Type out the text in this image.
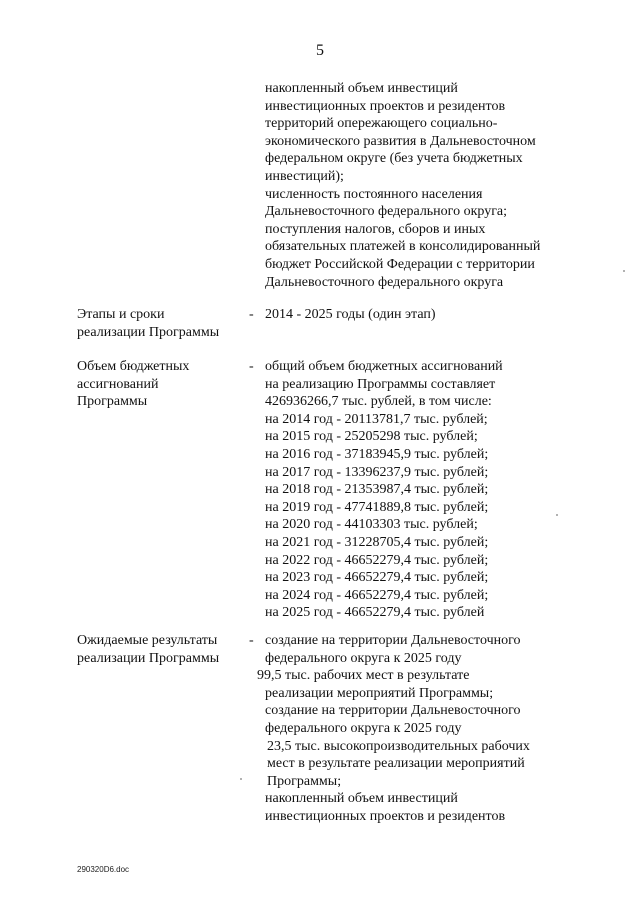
5
накопленный объем инвестиций
инвестиционных проектов и резидентов
территорий опережающего социально-
экономического развития в Дальневосточном
федеральном округе (без учета бюджетных
инвестиций);
численность постоянного населения
Дальневосточного федерального округа;
поступления налогов, сборов и иных
обязательных платежей в консолидированный
бюджет Российской Федерации с территории
Дальневосточного федерального округа
Этапы и сроки
реализации Программы
- 2014 - 2025 годы (один этап)
Объем бюджетных
ассигнований
Программы
- общий объем бюджетных ассигнований
на реализацию Программы составляет
426936266,7 тыс. рублей, в том числе:
на 2014 год - 20113781,7 тыс. рублей;
на 2015 год - 25205298 тыс. рублей;
на 2016 год - 37183945,9 тыс. рублей;
на 2017 год - 13396237,9 тыс. рублей;
на 2018 год - 21353987,4 тыс. рублей;
на 2019 год - 47741889,8 тыс. рублей;
на 2020 год - 44103303 тыс. рублей;
на 2021 год - 31228705,4 тыс. рублей;
на 2022 год - 46652279,4 тыс. рублей;
на 2023 год - 46652279,4 тыс. рублей;
на 2024 год - 46652279,4 тыс. рублей;
на 2025 год - 46652279,4 тыс. рублей
Ожидаемые результаты
реализации Программы
- создание на территории Дальневосточного
федерального округа к 2025 году
99,5 тыс. рабочих мест в результате
реализации мероприятий Программы;
создание на территории Дальневосточного
федерального округа к 2025 году
23,5 тыс. высокопроизводительных рабочих
мест в результате реализации мероприятий
Программы;
накопленный объем инвестиций
инвестиционных проектов и резидентов
290320D6.doc
